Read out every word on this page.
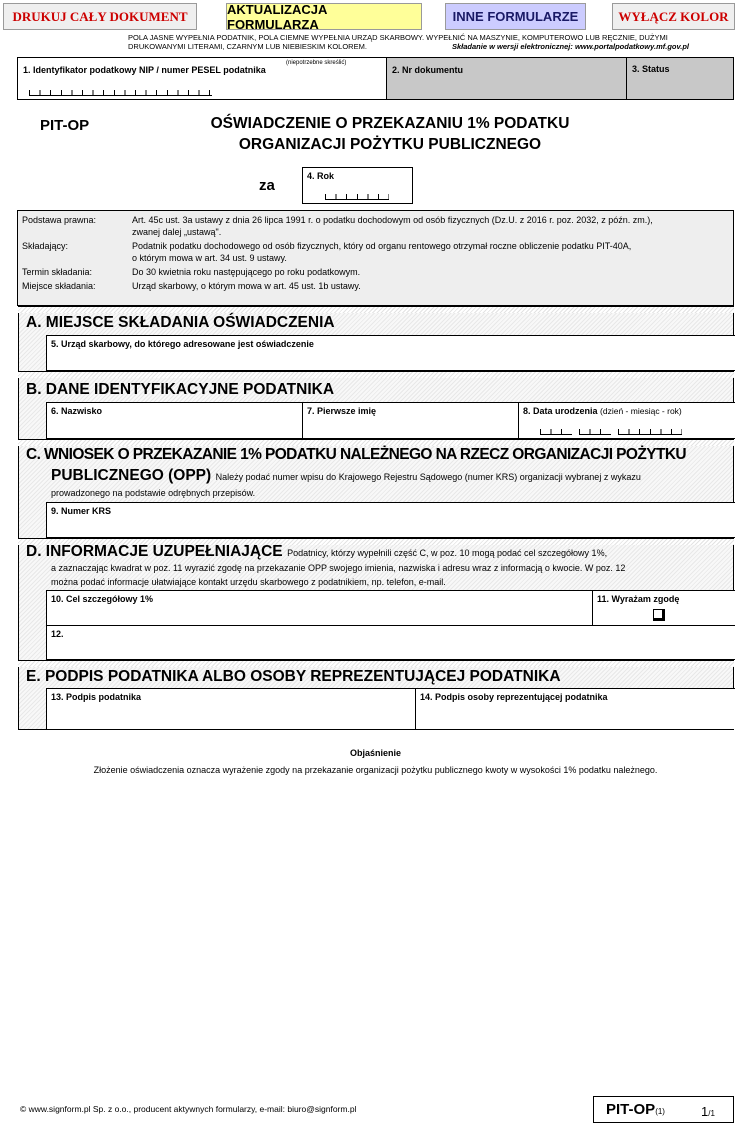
DRUKUJ CAŁY DOKUMENT	AKTUALIZACJA FORMULARZA	INNE FORMULARZE	WYŁĄCZ KOLOR
POLA JASNE WYPEŁNIA PODATNIK, POLA CIEMNE WYPEŁNIA URZĄD SKARBOWY. WYPEŁNIĆ NA MASZYNIE, KOMPUTEROWO LUB RĘCZNIE, DUŻYMI
DRUKOWANYMI LITERAMI, CZARNYM LUB NIEBIESKIM KOLOREM.	Składanie w wersji elektronicznej: www.portalpodatkowy.mf.gov.pl
1. Identyfikator podatkowy NIP / numer PESEL podatnika
(niepotrzebne skreślić)
2. Nr dokumentu	3. Status
PIT-OP	OŚWIADCZENIE O PRZEKAZANIU 1% PODATKU
ORGANIZACJI POŻYTKU PUBLICZNEGO
za
4. Rok
Podstawa prawna:	Art. 45c ust. 3a ustawy z dnia 26 lipca 1991 r. o podatku dochodowym od osób fizycznych (Dz.U. z 2016 r. poz. 2032, z późn. zm.),
zwanej dalej „ustawą".
Składający:	Podatnik podatku dochodowego od osób fizycznych, który od organu rentowego otrzymał roczne obliczenie podatku PIT-40A,
o którym mowa w art. 34 ust. 9 ustawy.
Termin składania:	Do 30 kwietnia roku następującego po roku podatkowym.
Miejsce składania:	Urząd skarbowy, o którym mowa w art. 45 ust. 1b ustawy.
A. MIEJSCE SKŁADANIA OŚWIADCZENIA
5. Urząd skarbowy, do którego adresowane jest oświadczenie
B. DANE IDENTYFIKACYJNE PODATNIKA
6. Nazwisko	7. Pierwsze imię	8. Data urodzenia (dzień - miesiąc - rok)
C. WNIOSEK O PRZEKAZANIE 1% PODATKU NALEŻNEGO NA RZECZ ORGANIZACJI POŻYTKU
PUBLICZNEGO (OPP) Należy podać numer wpisu do Krajowego Rejestru Sądowego (numer KRS) organizacji wybranej z wykazu
prowadzonego na podstawie odrębnych przepisów.
9. Numer KRS
D. INFORMACJE UZUPEŁNIAJĄCE Podatnicy, którzy wypełnili część C, w poz. 10 mogą podać cel szczegółowy 1%,
a zaznaczając kwadrat w poz. 11 wyrazić zgodę na przekazanie OPP swojego imienia, nazwiska i adresu wraz z informacją o kwocie. W poz. 12
można podać informacje ułatwiające kontakt urzędu skarbowego z podatnikiem, np. telefon, e-mail.
10. Cel szczegółowy 1%	11. Wyrażam zgodę
12.
E. PODPIS PODATNIKA ALBO OSOBY REPREZENTUJĄCEJ PODATNIKA
13. Podpis podatnika	14. Podpis osoby reprezentującej podatnika
Objaśnienie
Złożenie oświadczenia oznacza wyrażenie zgody na przekazanie organizacji pożytku publicznego kwoty w wysokości 1% podatku należnego.
© www.signform.pl Sp. z o.o., producent aktywnych formularzy, e-mail: biuro@signform.pl	PIT-OP(1)	1/1
